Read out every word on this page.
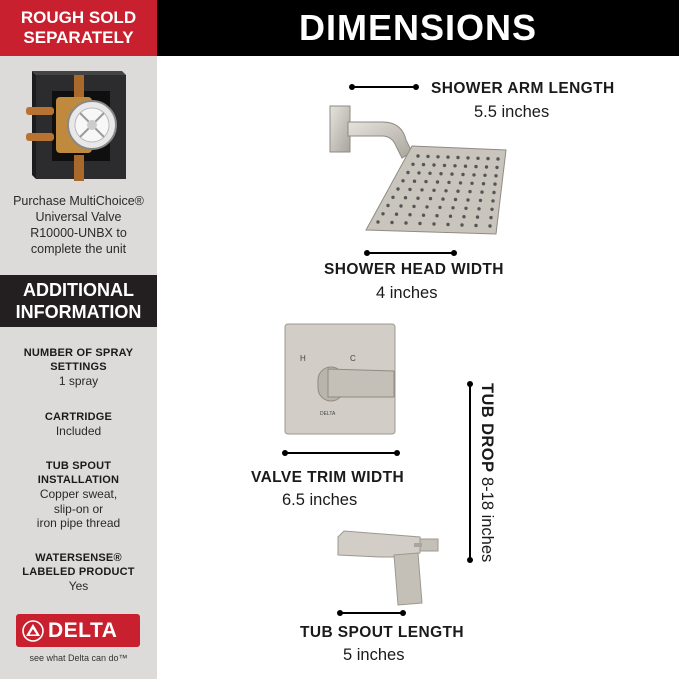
ROUGH SOLD
SEPARATELY
Purchase MultiChoice®
Universal Valve
R10000-UNBX to
complete the unit
ADDITIONAL
INFORMATION
NUMBER OF SPRAY
SETTINGS
1 spray
CARTRIDGE
Included
TUB SPOUT
INSTALLATION
Copper sweat,
slip-on or
iron pipe thread
WATERSENSE®
LABELED PRODUCT
Yes
DELTA
see what Delta can do™
DIMENSIONS
H	C
DELTA
SHOWER ARM LENGTH
5.5 inches
SHOWER HEAD WIDTH
4 inches
VALVE TRIM WIDTH
6.5 inches
TUB SPOUT LENGTH
5 inches
TUB DROP 8-18 inches
